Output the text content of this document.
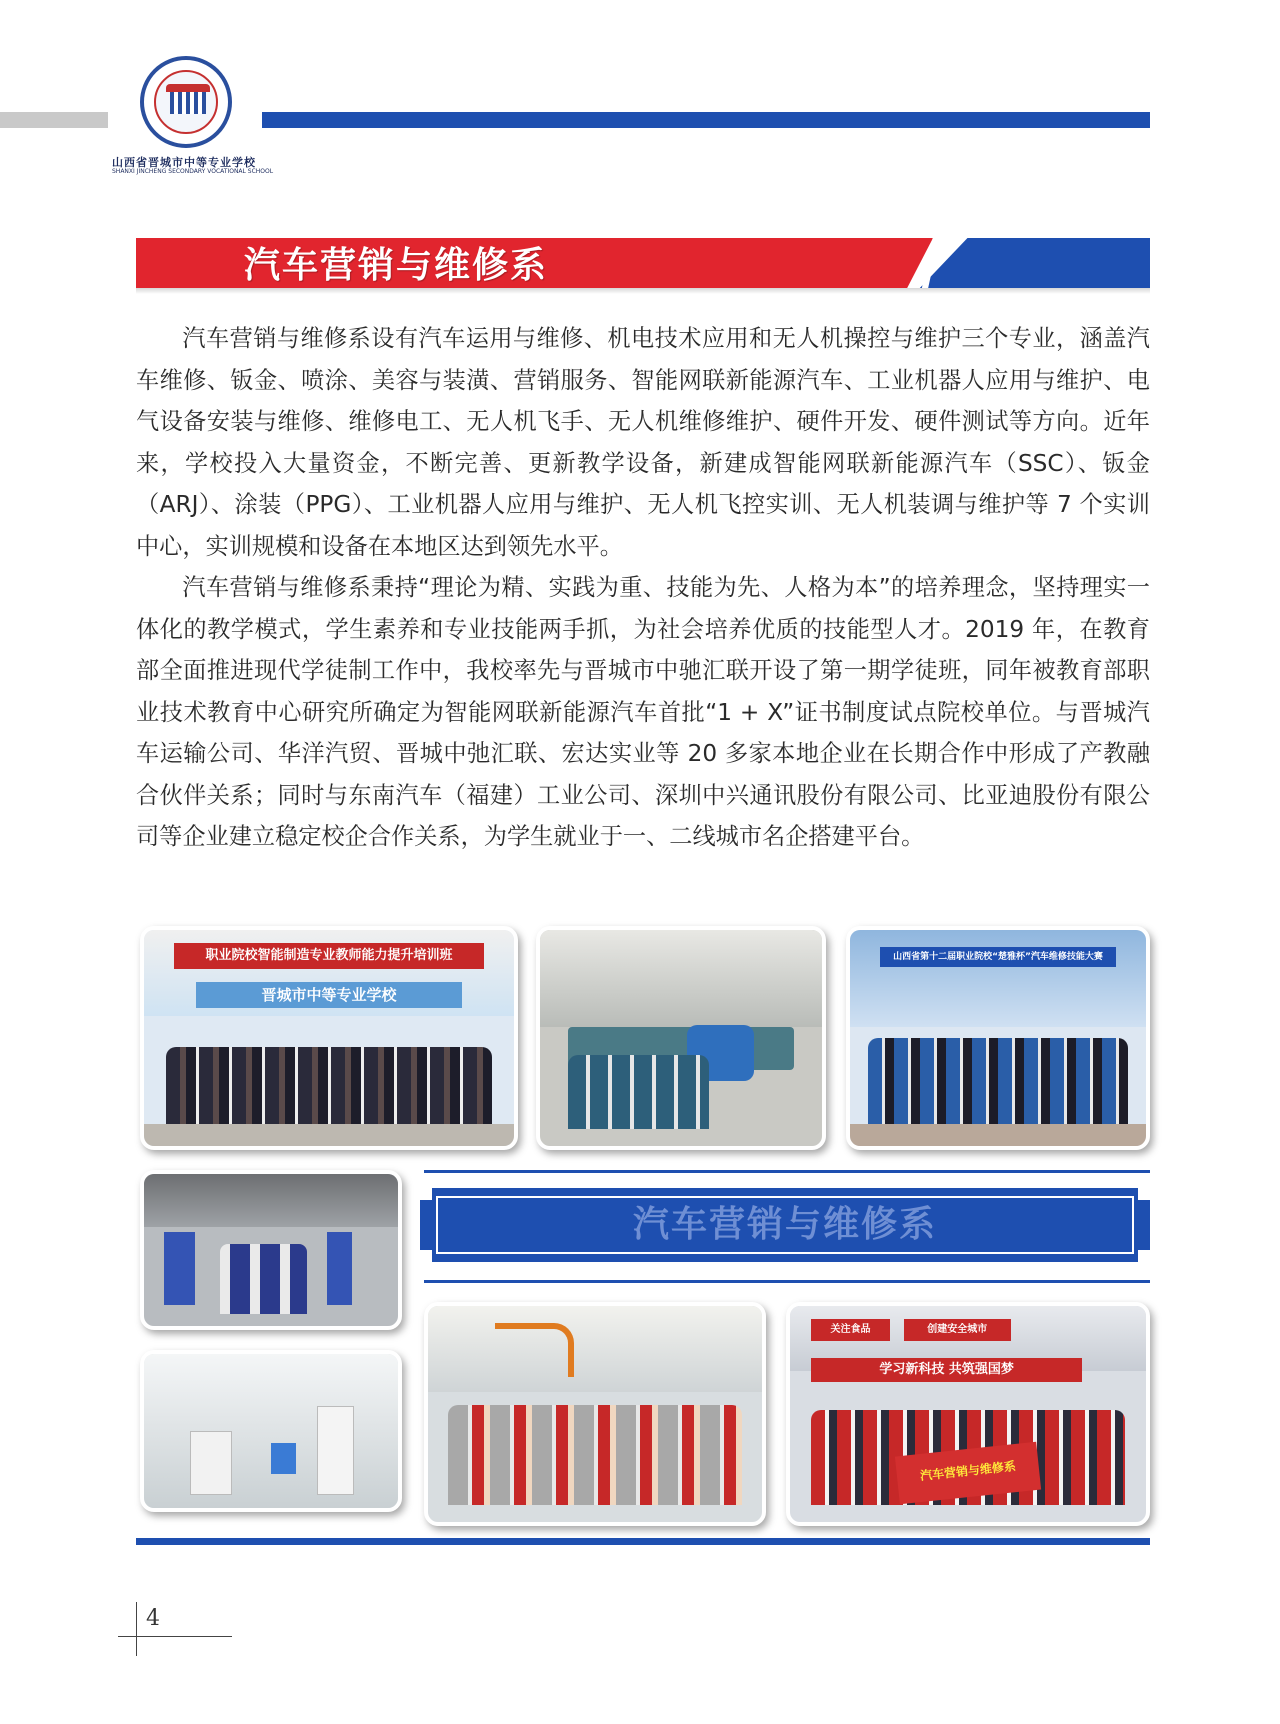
山西省晋城市中等专业学校
SHANXI JINCHENG SECONDARY VOCATIONAL SCHOOL
汽车营销与维修系

汽车营销与维修系设有汽车运用与维修、机电技术应用和无人机操控与维护三个专业，涵盖汽车维修、钣金、喷涂、美容与装潢、营销服务、智能网联新能源汽车、工业机器人应用与维护、电气设备安装与维修、维修电工、无人机飞手、无人机维修维护、硬件开发、硬件测试等方向。近年来，学校投入大量资金，不断完善、更新教学设备，新建成智能网联新能源汽车（SSC）、钣金（ARJ）、涂装（PPG）、工业机器人应用与维护、无人机飞控实训、无人机装调与维护等 7 个实训中心，实训规模和设备在本地区达到领先水平。

汽车营销与维修系秉持“理论为精、实践为重、技能为先、人格为本”的培养理念，坚持理实一体化的教学模式，学生素养和专业技能两手抓，为社会培养优质的技能型人才。2019 年，在教育部全面推进现代学徒制工作中，我校率先与晋城市中驰汇联开设了第一期学徒班，同年被教育部职业技术教育中心研究所确定为智能网联新能源汽车首批“1 + X”证书制度试点院校单位。与晋城汽车运输公司、华洋汽贸、晋城中弛汇联、宏达实业等 20 多家本地企业在长期合作中形成了产教融合伙伴关系；同时与东南汽车（福建）工业公司、深圳中兴通讯股份有限公司、比亚迪股份有限公司等企业建立稳定校企合作关系，为学生就业于一、二线城市名企搭建平台。

职业院校智能制造专业教师能力提升培训班
晋城市中等专业学校
山西省第十二届职业院校“楚雅杯”汽车维修技能大赛
汽车营销与维修系
关注食品	创建安全城市
学习新科技 共筑强国梦
汽车营销与维修系
4
